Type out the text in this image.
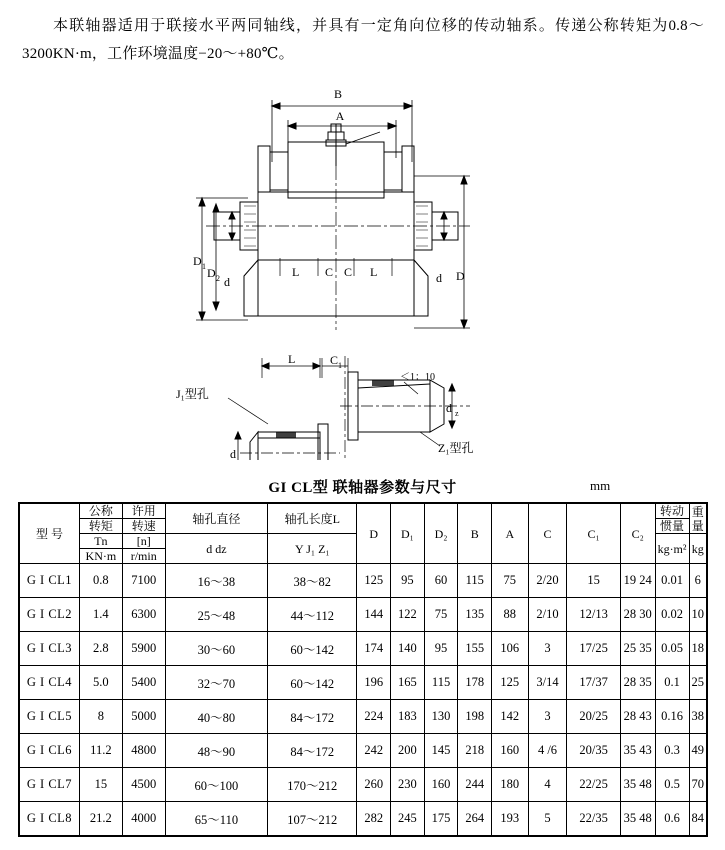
本联轴器适用于联接水平两同轴线，并具有一定角向位移的传动轴系。传递公称转矩为0.8～3200KN·m，工作环境温度−20～+80℃。
B
A
D 1 D 2 d	d D
L C C L
L	C 1
d
d z
＜1：10
J₁型孔
Z₁型孔
GI CL型 联轴器参数与尺寸	mm
型 号	公称	许用	轴孔直径	轴孔长度L	D	D₁	D₂	B	A	C	C₁	C₂	转动	重量
	转矩	转速											惯量	
	Tn	[n]	d dz	Y J₁ Z₁									kg·m²	kg
	KN·m	r/min												
G I CL1	0.8	7100	16～38	38～82	125	95	60	115	75	2/20	15	19 24	0.01	6
G I CL2	1.4	6300	25～48	44～112	144	122	75	135	88	2/10	12/13	28 30	0.02	10
G I CL3	2.8	5900	30～60	60～142	174	140	95	155	106	3	17/25	25 35	0.05	18
G I CL4	5.0	5400	32～70	60～142	196	165	115	178	125	3/14	17/37	28 35	0.1	25
G I CL5	8	5000	40～80	84～172	224	183	130	198	142	3	20/25	28 43	0.16	38
G I CL6	11.2	4800	48～90	84～172	242	200	145	218	160	4 /6	20/35	35 43	0.3	49
G I CL7	15	4500	60～100	170～212	260	230	160	244	180	4	22/25	35 48	0.5	70
G I CL8	21.2	4000	65～110	107～212	282	245	175	264	193	5	22/35	35 48	0.6	84
